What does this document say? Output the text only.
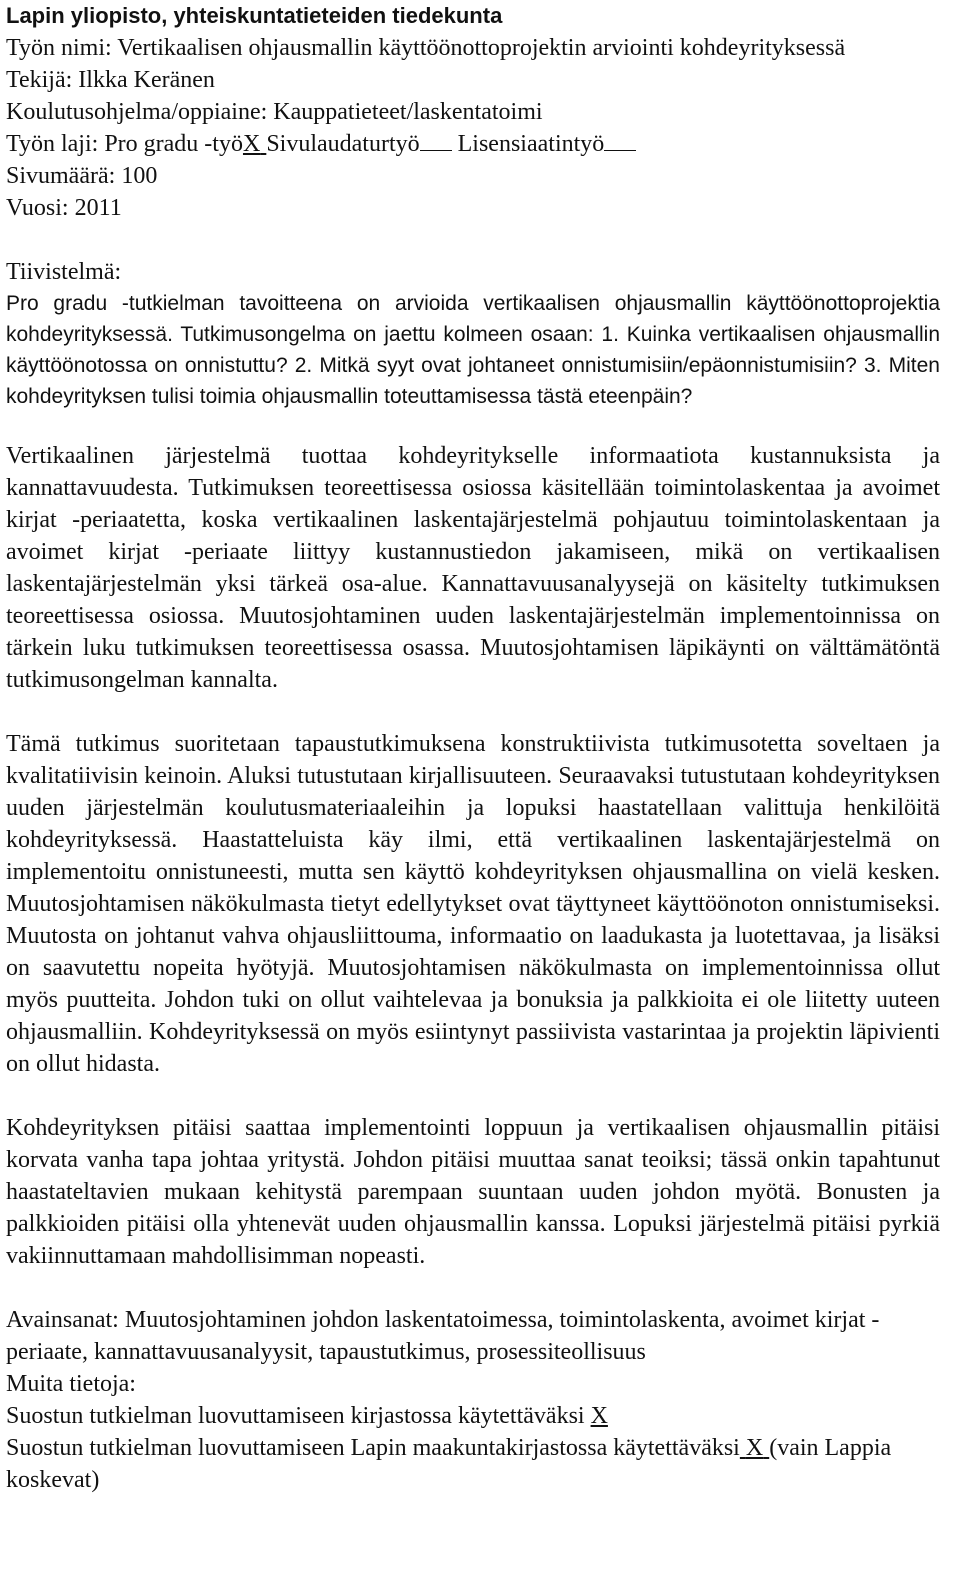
Lapin yliopisto, yhteiskuntatieteiden tiedekunta
Työn nimi: Vertikaalisen ohjausmallin käyttöönottoprojektin arviointi kohdeyrityksessä
Tekijä: Ilkka Keränen
Koulutusohjelma/oppiaine: Kauppatieteet/laskentatoimi
Työn laji: Pro gradu -työX Sivulaudaturtyö Lisensiaatintyö
Sivumäärä: 100
Vuosi: 2011
Tiivistelmä:

Pro gradu -tutkielman tavoitteena on arvioida vertikaalisen ohjausmallin käyttöönottoprojektia kohdeyrityksessä. Tutkimusongelma on jaettu kolmeen osaan: 1. Kuinka vertikaalisen ohjausmallin käyttöönotossa on onnistuttu? 2. Mitkä syyt ovat johtaneet onnistumisiin/epäonnistumisiin? 3. Miten kohdeyrityksen tulisi toimia ohjausmallin toteuttamisessa tästä eteenpäin?

Vertikaalinen järjestelmä tuottaa kohdeyritykselle informaatiota kustannuksista ja kannattavuudesta. Tutkimuksen teoreettisessa osiossa käsitellään toimintolaskentaa ja avoimet kirjat -periaatetta, koska vertikaalinen laskentajärjestelmä pohjautuu toimintolaskentaan ja avoimet kirjat -periaate liittyy kustannustiedon jakamiseen, mikä on vertikaalisen laskentajärjestelmän yksi tärkeä osa-alue. Kannattavuusanalyysejä on käsitelty tutkimuksen teoreettisessa osiossa. Muutosjohtaminen uuden laskentajärjestelmän implementoinnissa on tärkein luku tutkimuksen teoreettisessa osassa. Muutosjohtamisen läpikäynti on välttämätöntä tutkimusongelman kannalta.

Tämä tutkimus suoritetaan tapaustutkimuksena konstruktiivista tutkimusotetta soveltaen ja kvalitatiivisin keinoin. Aluksi tutustutaan kirjallisuuteen. Seuraavaksi tutustutaan kohdeyrityksen uuden järjestelmän koulutusmateriaaleihin ja lopuksi haastatellaan valittuja henkilöitä kohdeyrityksessä. Haastatteluista käy ilmi, että vertikaalinen laskentajärjestelmä on implementoitu onnistuneesti, mutta sen käyttö kohdeyrityksen ohjausmallina on vielä kesken. Muutosjohtamisen näkökulmasta tietyt edellytykset ovat täyttyneet käyttöönoton onnistumiseksi. Muutosta on johtanut vahva ohjausliittouma, informaatio on laadukasta ja luotettavaa, ja lisäksi on saavutettu nopeita hyötyjä. Muutosjohtamisen näkökulmasta on implementoinnissa ollut myös puutteita. Johdon tuki on ollut vaihtelevaa ja bonuksia ja palkkioita ei ole liitetty uuteen ohjausmalliin. Kohdeyrityksessä on myös esiintynyt passiivista vastarintaa ja projektin läpivienti on ollut hidasta.

Kohdeyrityksen pitäisi saattaa implementointi loppuun ja vertikaalisen ohjausmallin pitäisi korvata vanha tapa johtaa yritystä. Johdon pitäisi muuttaa sanat teoiksi; tässä onkin tapahtunut haastateltavien mukaan kehitystä parempaan suuntaan uuden johdon myötä. Bonusten ja palkkioiden pitäisi olla yhtenevät uuden ohjausmallin kanssa. Lopuksi järjestelmä pitäisi pyrkiä vakiinnuttamaan mahdollisimman nopeasti.

Avainsanat: Muutosjohtaminen johdon laskentatoimessa, toimintolaskenta, avoimet kirjat -periaate, kannattavuusanalyysit, tapaustutkimus, prosessiteollisuus

Muita tietoja:
Suostun tutkielman luovuttamiseen kirjastossa käytettäväksi X
Suostun tutkielman luovuttamiseen Lapin maakuntakirjastossa käytettäväksi X (vain Lappia koskevat)
